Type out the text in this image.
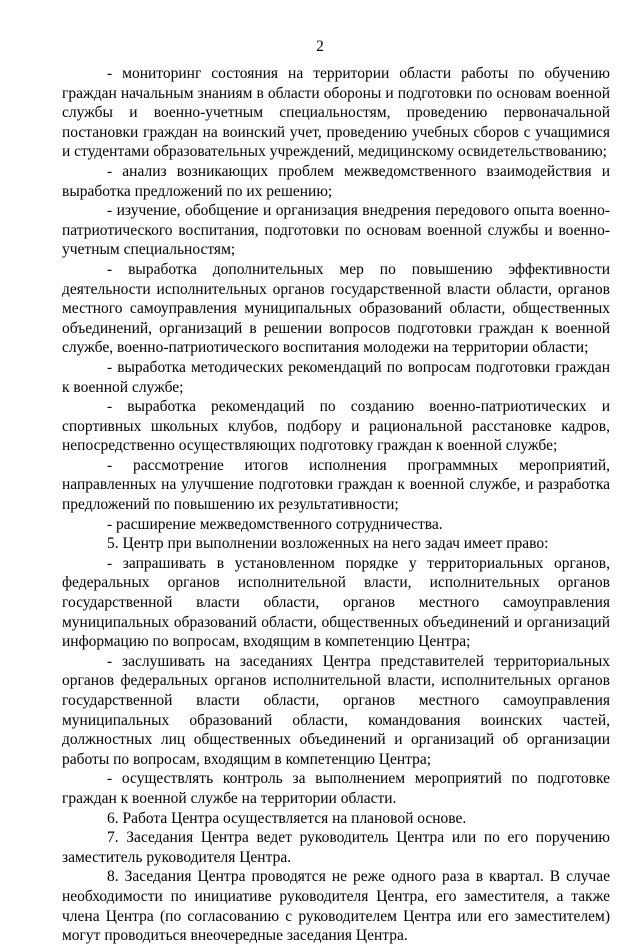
2

- мониторинг состояния на территории области работы по обучению граждан начальным знаниям в области обороны и подготовки по основам военной службы и военно-учетным специальностям, проведению первоначальной постановки граждан на воинский учет, проведению учебных сборов с учащимися и студентами образовательных учреждений, медицинскому освидетельствованию;

- анализ возникающих проблем межведомственного взаимодействия и выработка предложений по их решению;

- изучение, обобщение и организация внедрения передового опыта военно-патриотического воспитания, подготовки по основам военной службы и военно-учетным специальностям;

- выработка дополнительных мер по повышению эффективности деятельности исполнительных органов государственной власти области, органов местного самоуправления муниципальных образований области, общественных объединений, организаций в решении вопросов подготовки граждан к военной службе, военно-патриотического воспитания молодежи на территории области;

- выработка методических рекомендаций по вопросам подготовки граждан к военной службе;

- выработка рекомендаций по созданию военно-патриотических и спортивных школьных клубов, подбору и рациональной расстановке кадров, непосредственно осуществляющих подготовку граждан к военной службе;

- рассмотрение итогов исполнения программных мероприятий, направленных на улучшение подготовки граждан к военной службе, и разработка предложений по повышению их результативности;

- расширение межведомственного сотрудничества.

5. Центр при выполнении возложенных на него задач имеет право:

- запрашивать в установленном порядке у территориальных органов, федеральных органов исполнительной власти, исполнительных органов государственной власти области, органов местного самоуправления муниципальных образований области, общественных объединений и организаций информацию по вопросам, входящим в компетенцию Центра;

- заслушивать на заседаниях Центра представителей территориальных органов федеральных органов исполнительной власти, исполнительных органов государственной власти области, органов местного самоуправления муниципальных образований области, командования воинских частей, должностных лиц общественных объединений и организаций об организации работы по вопросам, входящим в компетенцию Центра;

- осуществлять контроль за выполнением мероприятий по подготовке граждан к военной службе на территории области.

6. Работа Центра осуществляется на плановой основе.

7. Заседания Центра ведет руководитель Центра или по его поручению заместитель руководителя Центра.

8. Заседания Центра проводятся не реже одного раза в квартал. В случае необходимости по инициативе руководителя Центра, его заместителя, а также члена Центра (по согласованию с руководителем Центра или его заместителем) могут проводиться внеочередные заседания Центра.
